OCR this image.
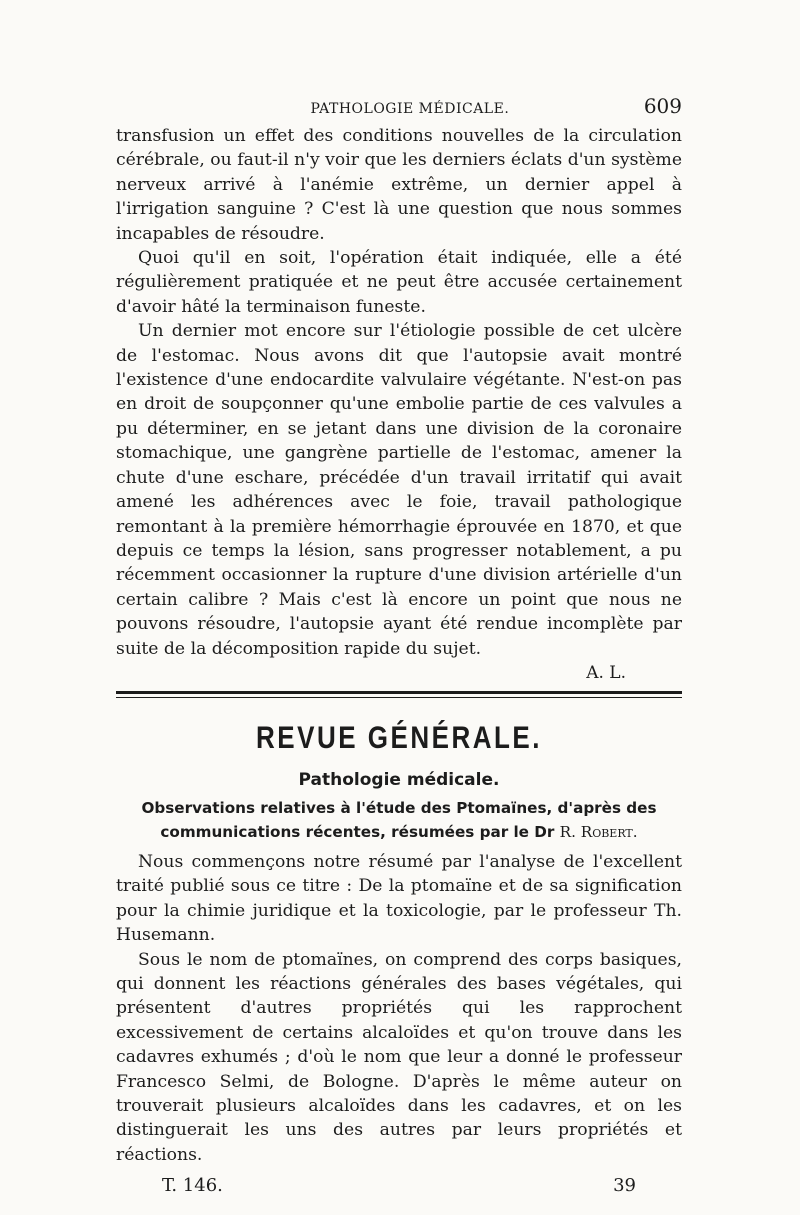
PATHOLOGIE MÉDICALE.	609

transfusion un effet des conditions nouvelles de la circulation cérébrale, ou faut-il n'y voir que les derniers éclats d'un système nerveux arrivé à l'anémie extrême, un dernier appel à l'irrigation sanguine ? C'est là une question que nous sommes incapables de résoudre.

Quoi qu'il en soit, l'opération était indiquée, elle a été régulièrement pratiquée et ne peut être accusée certainement d'avoir hâté la terminaison funeste.

Un dernier mot encore sur l'étiologie possible de cet ulcère de l'estomac. Nous avons dit que l'autopsie avait montré l'existence d'une endocardite valvulaire végétante. N'est-on pas en droit de soupçonner qu'une embolie partie de ces valvules a pu déterminer, en se jetant dans une division de la coronaire stomachique, une gangrène partielle de l'estomac, amener la chute d'une eschare, précédée d'un travail irritatif qui avait amené les adhérences avec le foie, travail pathologique remontant à la première hémorrhagie éprouvée en 1870, et que depuis ce temps la lésion, sans progresser notablement, a pu récemment occasionner la rupture d'une division artérielle d'un certain calibre ? Mais c'est là encore un point que nous ne pouvons résoudre, l'autopsie ayant été rendue incomplète par suite de la décomposition rapide du sujet.

A. L.
REVUE GÉNÉRALE.
Pathologie médicale.
Observations relatives à l'étude des Ptomaïnes, d'après des communications récentes, résumées par le Dr R. Robert.

Nous commençons notre résumé par l'analyse de l'excellent traité publié sous ce titre : De la ptomaïne et de sa signification pour la chimie juridique et la toxicologie, par le professeur Th. Husemann.

Sous le nom de ptomaïnes, on comprend des corps basiques, qui donnent les réactions générales des bases végétales, qui présentent d'autres propriétés qui les rapprochent excessivement de certains alcaloïdes et qu'on trouve dans les cadavres exhumés ; d'où le nom que leur a donné le professeur Francesco Selmi, de Bologne. D'après le même auteur on trouverait plusieurs alcaloïdes dans les cadavres, et on les distinguerait les uns des autres par leurs propriétés et réactions.

T. 146.	39
